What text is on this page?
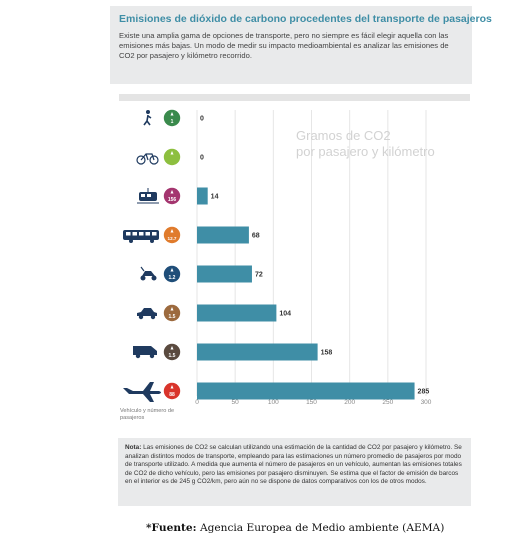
Emisiones de dióxido de carbono procedentes del transporte de pasajeros
Existe una amplia gama de opciones de transporte, pero no siempre es fácil elegir aquella con las emisiones más bajas. Un modo de medir su impacto medioambiental es analizar las emisiones de CO2 por pasajero y kilómetro recorrido.
0	50	100	150	200	250	300
Gramos de CO2
por pasajero y kilómetro
Vehículo y número de
pasajeros
1	0
0
156	14
12.7	68
1.2	72
1.5	104
1.5	158
88	285
Nota: Las emisiones de CO2 se calculan utilizando una estimación de la cantidad de CO2 por pasajero y kilómetro. Se analizan distintos modos de transporte, empleando para las estimaciones un número promedio de pasajeros por modo de transporte utilizado. A medida que aumenta el número de pasajeros en un vehículo, aumentan las emisiones totales de CO2 de dicho vehículo, pero las emisiones por pasajero disminuyen. Se estima que el factor de emisión de barcos en el interior es de 245 g CO2/km, pero aún no se dispone de datos comparativos con los de otros modos.
*Fuente: Agencia Europea de Medio ambiente (AEMA)
